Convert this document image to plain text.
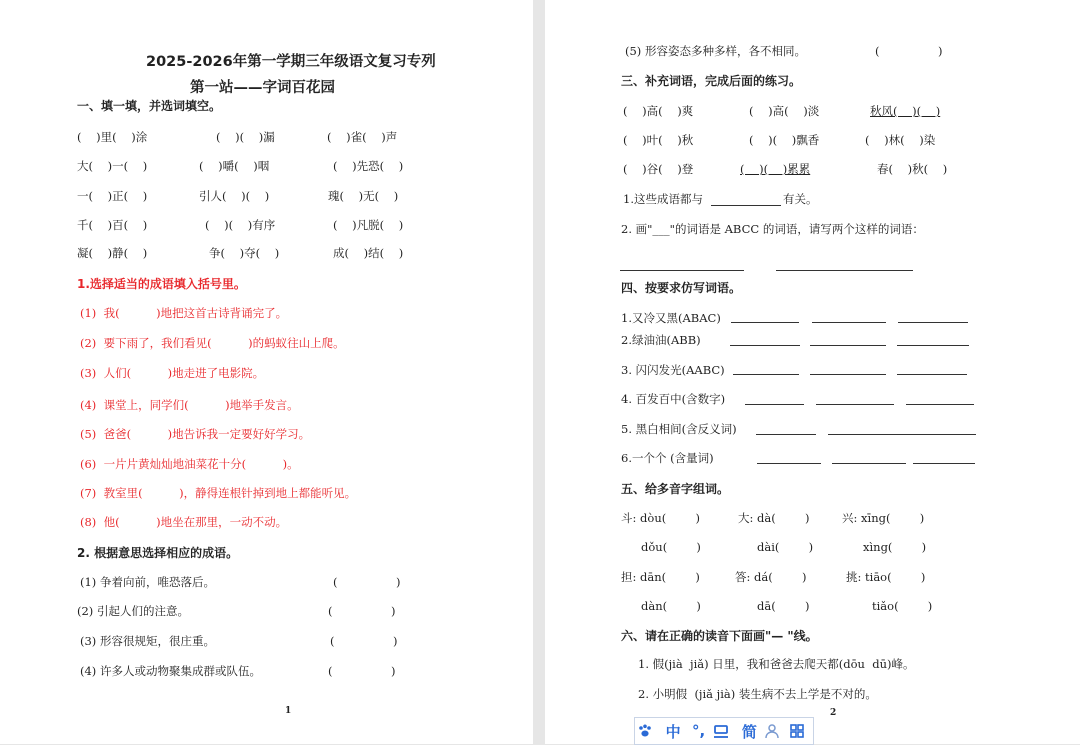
2025-2026年第一学期三年级语文复习专列
第一站——字词百花园
一、填一填，并选词填空。
(    )里(    )涂	(    )(    )漏	(    )雀(    )声
大(    )一(    )	(    )嚼(    )咽	(    )先恐(    )
一(    )正(    )	引人(    )(    )	瑰(    )无(    )
千(    )百(    )	(    )(    )有序	(    )凡脱(    )
凝(    )静(    )	争(    )夺(    )	成(    )结(    )
1.选择适当的成语填入括号里。
(1)  我(          )地把这首古诗背诵完了。
(2)  要下雨了，我们看见(          )的蚂蚁往山上爬。
(3)  人们(          )地走进了电影院。
(4)  课堂上，同学们(          )地举手发言。
(5)  爸爸(          )地告诉我一定要好好学习。
(6)  一片片黄灿灿地油菜花十分(          )。
(7)  教室里(          )，静得连根针掉到地上都能听见。
(8)  他(          )地坐在那里，一动不动。
2. 根据意思选择相应的成语。
(1) 争着向前，唯恐落后。	(                )
(2) 引起人们的注意。	(                )
(3) 形容很规矩，很庄重。	(                )
(4) 许多人或动物聚集成群或队伍。	(                )
1
(5) 形容姿态多种多样，各不相同。	(                )
三、补充词语，完成后面的练习。
(    )高(    )爽	(    )高(    )淡	秋风(    )(    )
(    )叶(    )秋	(    )(    )飘香	(    )林(    )染
(    )谷(    )登	(    )(    )累累	春(    )秋(    )
1.这些成语都与	有关。
2. 画"___"的词语是 ABCC 的词语，请写两个这样的词语：
四、按要求仿写词语。
1.又冷又黑(ABAC)
2.绿油油(ABB)
3. 闪闪发光(AABC)
4. 百发百中(含数字)
5. 黑白相间(含反义词)
6.一个个 (含量词)
五、给多音字组词。
斗: dòu(        )	大: dà(        )	兴: xīng(        )
dǒu(        )	dài(        )	xìng(        )
担: dān(        )	答: dá(        )	挑: tiāo(        )
dàn(        )	dā(        )	tiǎo(        )
六、请在正确的读音下面画"— "线。
1. 假(jià  jiǎ) 日里，我和爸爸去爬天都(dōu  dū)峰。
2. 小明假  (jiǎ jià) 装生病不去上学是不对的。
2
中 °, 简
